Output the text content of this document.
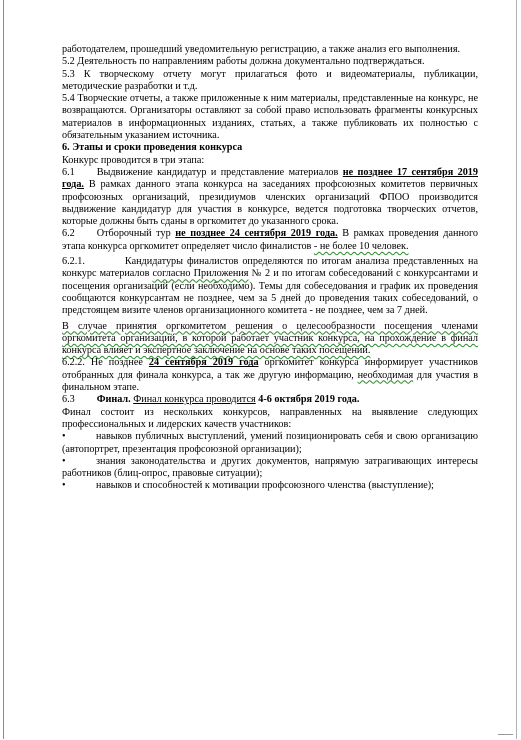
работодателем, прошедший уведомительную регистрацию, а также анализ его выполнения.

5.2 Деятельность по направлениям работы должна документально подтверждаться.

5.3 К творческому отчету могут прилагаться фото и видеоматериалы, публикации, методические разработки и т.д.

5.4 Творческие отчеты, а также приложенные к ним материалы, представленные на конкурс, не возвращаются. Организаторы оставляют за собой право использовать фрагменты конкурсных материалов в информационных изданиях, статьях, а также публиковать их полностью с обязательным указанием источника.

6. Этапы и сроки проведения конкурса

Конкурс проводится в три этапа:

6.1 Выдвижение кандидатур и представление материалов не позднее 17 сентября 2019 года. В рамках данного этапа конкурса на заседаниях профсоюзных комитетов первичных профсоюзных организаций, президиумов членских организаций ФПОО производится выдвижение кандидатур для участия в конкурсе, ведется подготовка творческих отчетов, которые должны быть сданы в оргкомитет до указанного срока.

6.2 Отборочный тур не позднее 24 сентября 2019 года. В рамках проведения данного этапа конкурса оргкомитет определяет число финалистов - не более 10 человек.

6.2.1.	Кандидатуры финалистов определяются по итогам анализа представленных на конкурс материалов согласно Приложения № 2 и по итогам собеседований с конкурсантами и посещения организаций (если необходимо). Темы для собеседования и график их проведения сообщаются конкурсантам не позднее, чем за 5 дней до проведения таких собеседований, о предстоящем визите членов организационного комитета - не позднее, чем за 7 дней.

В случае принятия оргкомитетом решения о целесообразности посещения членами оргкомитета организаций, в которой работает участник конкурса, на прохождение в финал конкурса влияет и экспертное заключение на основе таких посещений.

6.2.2. Не позднее 24 сентября 2019 года оргкомитет конкурса информирует участников отобранных для финала конкурса, а так же другую информацию, необходимая для участия в финальном этапе.

6.3 Финал. Финал конкурса проводится 4-6 октября 2019 года.

Финал состоит из нескольких конкурсов, направленных на выявление следующих профессиональных и лидерских качеств участников:

•	навыков публичных выступлений, умений позиционировать себя и свою организацию (автопортрет, презентация профсоюзной организации);

•	знания законодательства и других документов, напрямую затрагивающих интересы работников (блиц-опрос, правовые ситуации);

•	навыков и способностей к мотивации профсоюзного членства (выступление);
